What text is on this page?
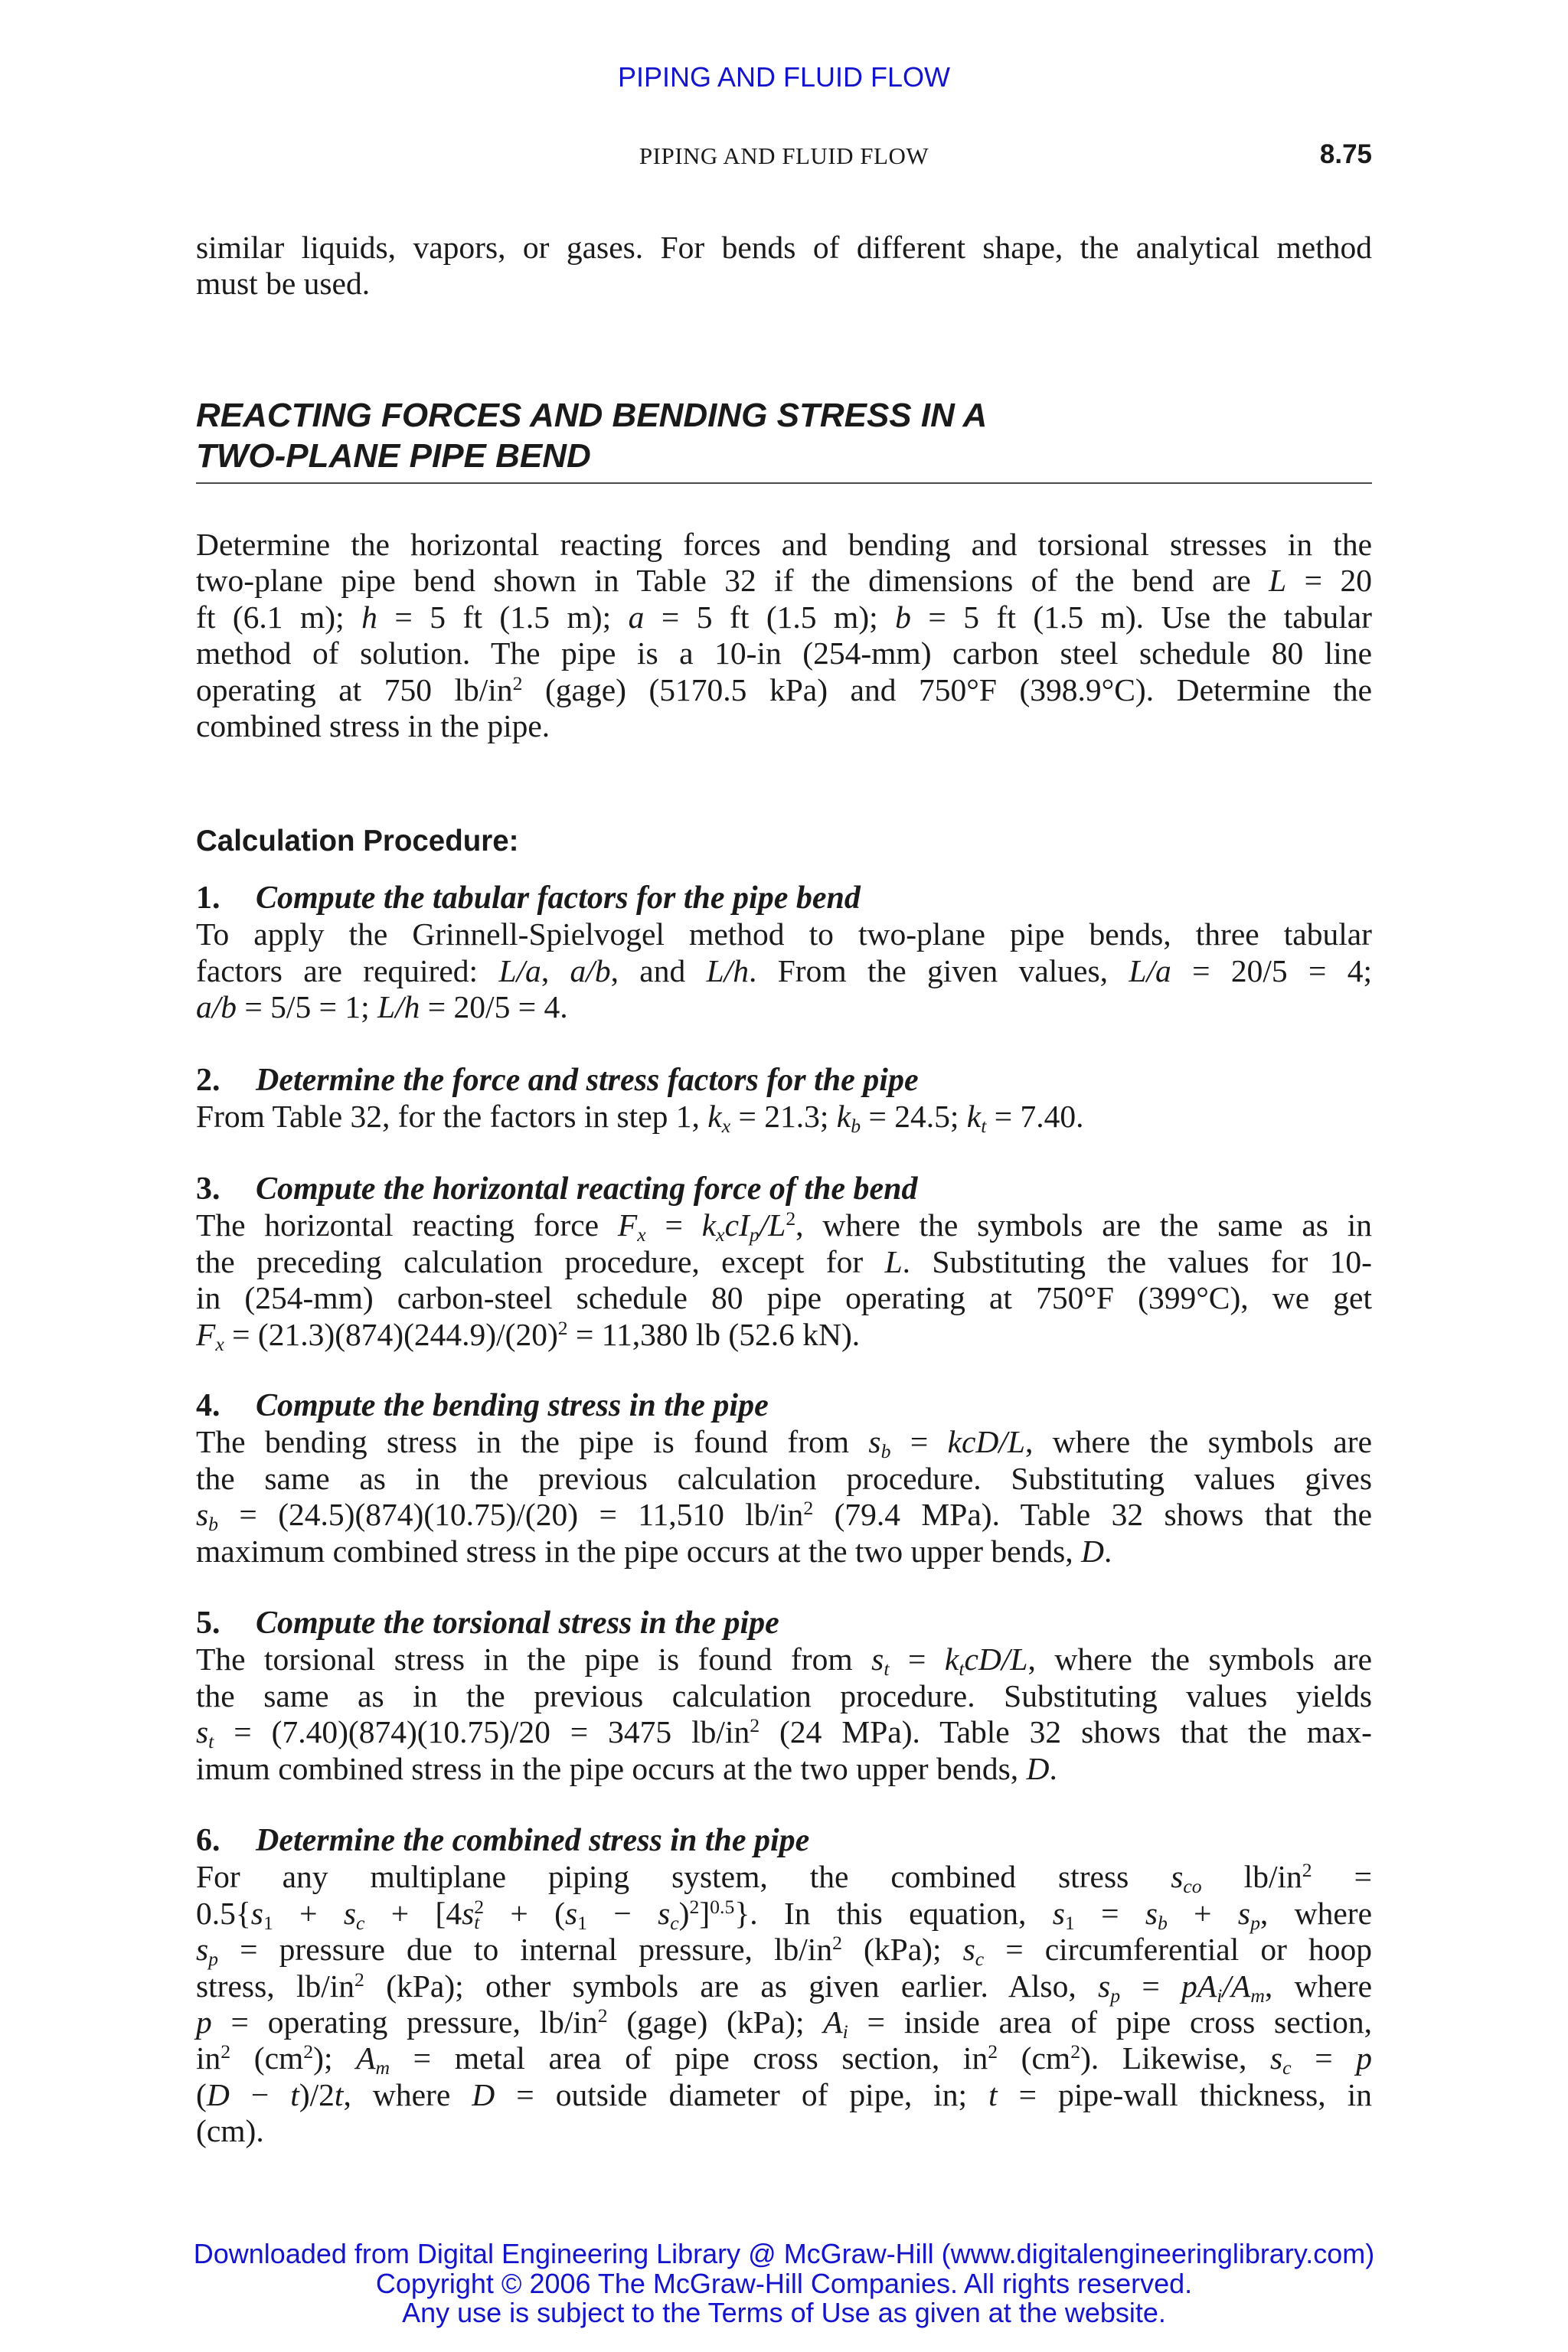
PIPING AND FLUID FLOW
PIPING AND FLUID FLOW	8.75
similar liquids, vapors, or gases. For bends of different shape, the analytical method
must be used.
REACTING FORCES AND BENDING STRESS IN A
TWO-PLANE PIPE BEND
Determine the horizontal reacting forces and bending and torsional stresses in the
two-plane pipe bend shown in Table 32 if the dimensions of the bend are L = 20
ft (6.1 m); h = 5 ft (1.5 m); a = 5 ft (1.5 m); b = 5 ft (1.5 m). Use the tabular
method of solution. The pipe is a 10-in (254-mm) carbon steel schedule 80 line
operating at 750 $lb/in^2$ (gage) (5170.5 kPa) and 750°F (398.9°C). Determine the
combined stress in the pipe.
Calculation Procedure:

1. Compute the tabular factors for the pipe bend

To apply the Grinnell-Spielvogel method to two-plane pipe bends, three tabular
factors are required: L/a, a/b, and L/h. From the given values, L/a = 20/5 = 4;
a/b = 5/5 = 1; L/h = 20/5 = 4.

2. Determine the force and stress factors for the pipe

From Table 32, for the factors in step 1, $k_x = 21.3$; $k_b = 24.5$; $k_t = 7.40$.

3. Compute the horizontal reacting force of the bend

The horizontal reacting force $F_x = k_xcI_p/L^2$, where the symbols are the same as in
the preceding calculation procedure, except for L. Substituting the values for 10-
in (254-mm) carbon-steel schedule 80 pipe operating at 750°F (399°C), we get
$F_x = (21.3)(874)(244.9)/(20)^2 = 11,380$ lb (52.6 kN).

4. Compute the bending stress in the pipe

The bending stress in the pipe is found from $s_b = kcD/L$, where the symbols are
the same as in the previous calculation procedure. Substituting values gives
$s_b = (24.5)(874)(10.75)/(20) = 11,510$ $lb/in^2$ (79.4 MPa). Table 32 shows that the
maximum combined stress in the pipe occurs at the two upper bends, D.

5. Compute the torsional stress in the pipe

The torsional stress in the pipe is found from $s_t = k_tcD/L$, where the symbols are
the same as in the previous calculation procedure. Substituting values yields
$s_t = (7.40)(874)(10.75)/20 = 3475$ $lb/in^2$ (24 MPa). Table 32 shows that the max-
imum combined stress in the pipe occurs at the two upper bends, D.

6. Determine the combined stress in the pipe

For any multiplane piping system, the combined stress $s_{co}$ $lb/in^2$ =
$0.5\{s_1 + s_c + [4s$ 2
$t + (s_1 - s_c)^2]^{0.5}$}. In this equation, $s_1 = s_b + s_p$, where
$s_p$ = pressure due to internal pressure, $lb/in^2$ (kPa); $s_c$ = circumferential or hoop
stress, $lb/in^2$ (kPa); other symbols are as given earlier. Also, $s_p = pA_i/A_m$, where
p = operating pressure, $lb/in^2$ (gage) (kPa); $A_i$ = inside area of pipe cross section,
$in^2$ $(cm^2)$; $A_m$ = metal area of pipe cross section, $in^2$ $(cm^2)$. Likewise, $s_c = p$
(D − t)/2t, where D = outside diameter of pipe, in; t = pipe-wall thickness, in
(cm).
Downloaded from Digital Engineering Library @ McGraw-Hill (www.digitalengineeringlibrary.com)
Copyright © 2006 The McGraw-Hill Companies. All rights reserved.
Any use is subject to the Terms of Use as given at the website.
